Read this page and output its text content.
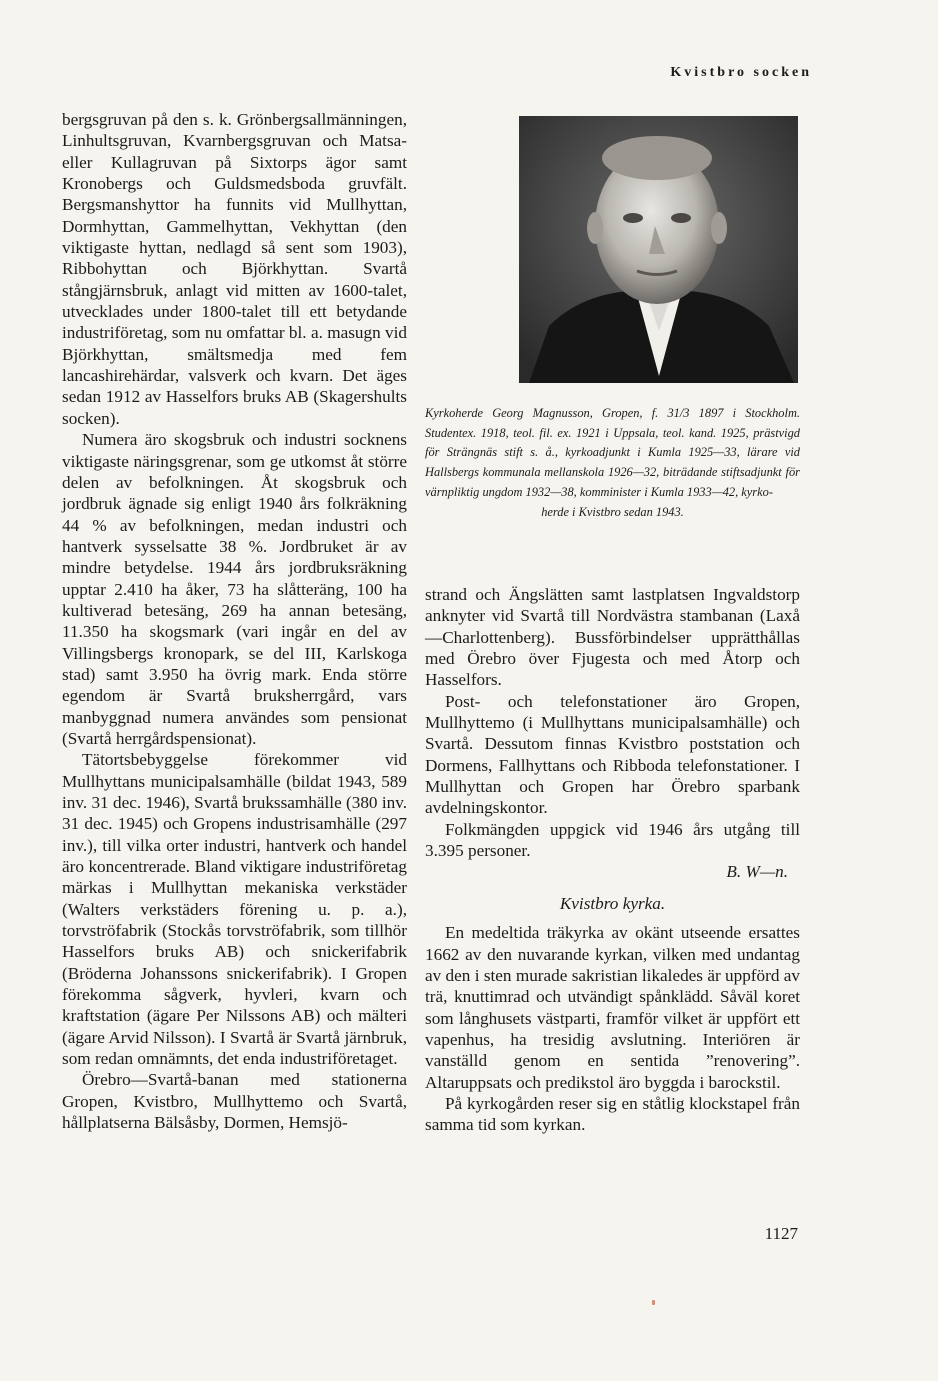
Kvistbro socken

bergsgruvan på den s. k. Grönbergsallmänningen, Linhultsgruvan, Kvarnbergsgruvan och Matsa- eller Kullagruvan på Sixtorps ägor samt Kronobergs och Guldsmedsboda gruvfält. Bergsmanshyttor ha funnits vid Mullhyttan, Dormhyttan, Gammelhyttan, Vekhyttan (den viktigaste hyttan, nedlagd så sent som 1903), Ribbohyttan och Björkhyttan. Svartå stångjärnsbruk, anlagt vid mitten av 1600-talet, utvecklades under 1800-talet till ett betydande industriföretag, som nu omfattar bl. a. masugn vid Björkhyttan, smältsmedja med fem lancashirehärdar, valsverk och kvarn. Det äges sedan 1912 av Hasselfors bruks AB (Skagershults socken).

Numera äro skogsbruk och industri socknens viktigaste näringsgrenar, som ge utkomst åt större delen av befolkningen. Åt skogsbruk och jordbruk ägnade sig enligt 1940 års folkräkning 44 % av befolkningen, medan industri och hantverk sysselsatte 38 %. Jordbruket är av mindre betydelse. 1944 års jordbruksräkning upptar 2.410 ha åker, 73 ha slåtteräng, 100 ha kultiverad betesäng, 269 ha annan betesäng, 11.350 ha skogsmark (vari ingår en del av Villingsbergs kronopark, se del III, Karlskoga stad) samt 3.950 ha övrig mark. Enda större egendom är Svartå bruksherrgård, vars manbyggnad numera användes som pensionat (Svartå herrgårdspensionat).

Tätortsbebyggelse förekommer vid Mullhyttans municipalsamhälle (bildat 1943, 589 inv. 31 dec. 1946), Svartå brukssamhälle (380 inv. 31 dec. 1945) och Gropens industrisamhälle (297 inv.), till vilka orter industri, hantverk och handel äro koncentrerade. Bland viktigare industriföretag märkas i Mullhyttan mekaniska verkstäder (Walters verkstäders förening u. p. a.), torvströfabrik (Stockås torvströfabrik, som tillhör Hasselfors bruks AB) och snickerifabrik (Bröderna Johanssons snickerifabrik). I Gropen förekomma sågverk, hyvleri, kvarn och kraftstation (ägare Per Nilssons AB) och mälteri (ägare Arvid Nilsson). I Svartå är Svartå järnbruk, som redan omnämnts, det enda industriföretaget.

Örebro—Svartå-banan med stationerna Gropen, Kvistbro, Mullhyttemo och Svartå, hållplatserna Bälsåsby, Dormen, Hemsjö-

Kyrkoherde Georg Magnusson, Gropen, f. 31/3 1897 i Stockholm. Studentex. 1918, teol. fil. ex. 1921 i Uppsala, teol. kand. 1925, prästvigd för Strängnäs stift s. å., kyrkoadjunkt i Kumla 1925—33, lärare vid Hallsbergs kommunala mellanskola 1926—32, biträdande stiftsadjunkt för värnpliktig ungdom 1932—38, komminister i Kumla 1933—42, kyrko-
herde i Kvistbro sedan 1943.

strand och Ängslätten samt lastplatsen Ingvaldstorp anknyter vid Svartå till Nordvästra stambanan (Laxå—Charlottenberg). Bussförbindelser upprätthållas med Örebro över Fjugesta och med Åtorp och Hasselfors.

Post- och telefonstationer äro Gropen, Mullhyttemo (i Mullhyttans municipalsamhälle) och Svartå. Dessutom finnas Kvistbro poststation och Dormens, Fallhyttans och Ribboda telefonstationer. I Mullhyttan och Gropen har Örebro sparbank avdelningskontor.

Folkmängden uppgick vid 1946 års utgång till 3.395 personer.

B. W—n.

Kvistbro kyrka.

En medeltida träkyrka av okänt utseende ersattes 1662 av den nuvarande kyrkan, vilken med undantag av den i sten murade sakristian likaledes är uppförd av trä, knuttimrad och utvändigt spånklädd. Såväl koret som långhusets västparti, framför vilket är uppfört ett vapenhus, ha tresidig avslutning. Interiören är vanställd genom en sentida ”renovering”. Altaruppsats och predikstol äro byggda i barockstil.

På kyrkogården reser sig en ståtlig klockstapel från samma tid som kyrkan.

1127
